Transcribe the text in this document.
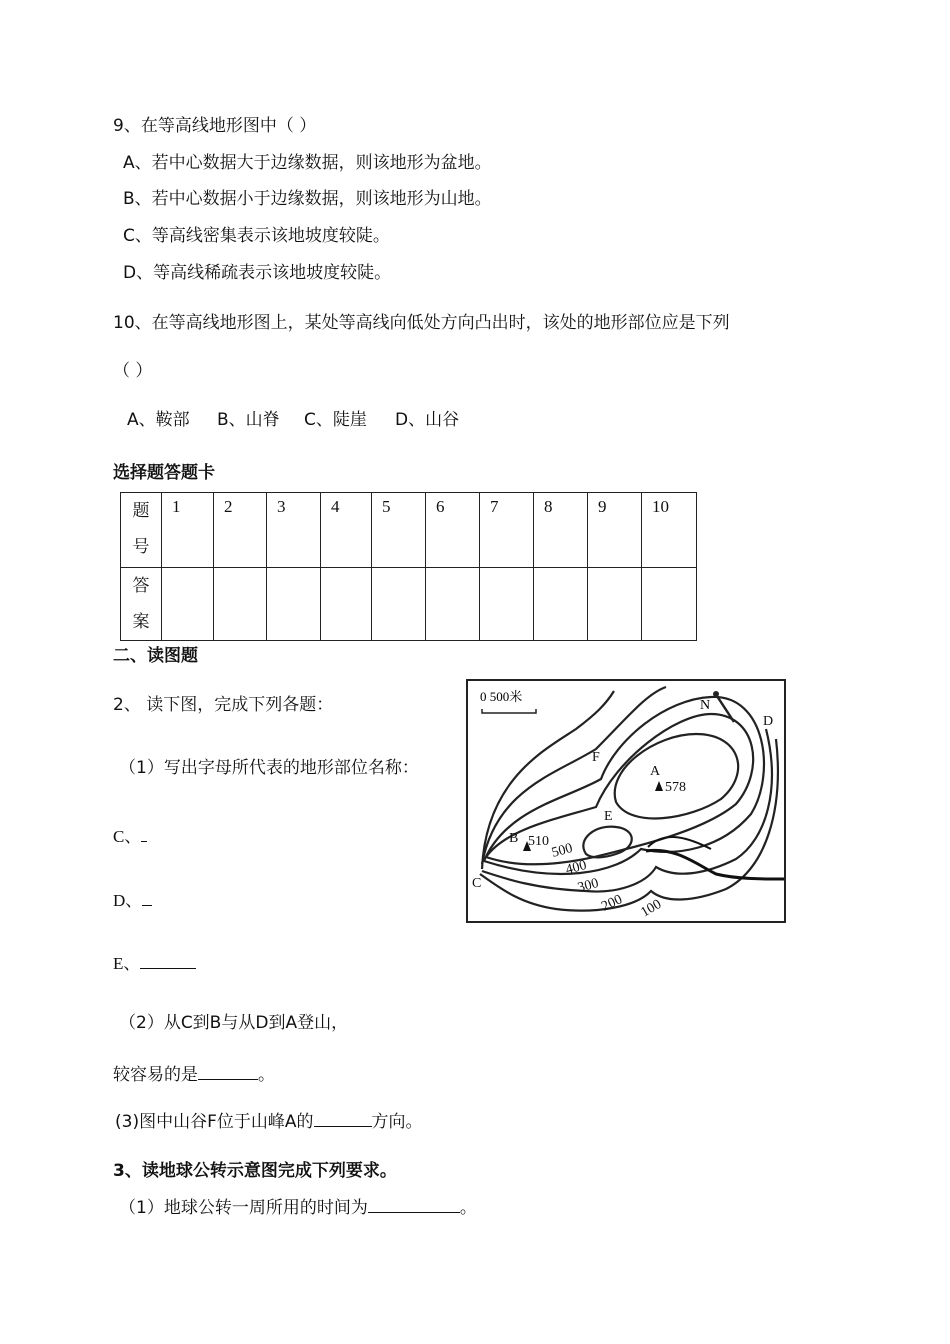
9、在等高线地形图中（ ）
A、若中心数据大于边缘数据，则该地形为盆地。
B、若中心数据小于边缘数据，则该地形为山地。
C、等高线密集表示该地坡度较陡。
D、等高线稀疏表示该地坡度较陡。
10、在等高线地形图上，某处等高线向低处方向凸出时，该处的地形部位应是下列
（ ）
A、鞍部 B、山脊 C、陡崖 D、山谷
选择题答题卡
题
号	1	2	3	4	5	6	7	8	9	10

答
案										

二、读图题
2、 读下图，完成下列各题：
（1）写出字母所代表的地形部位名称：
C、
D、
E、
（2）从C到B与从D到A登山，
较容易的是	。
(3)图中山谷F位于山峰A的	方向。
0 500米
N
A
578
B 510
C
D
E
F
500
400
300
200 100
3、读地球公转示意图完成下列要求。
（1）地球公转一周所用的时间为	。
